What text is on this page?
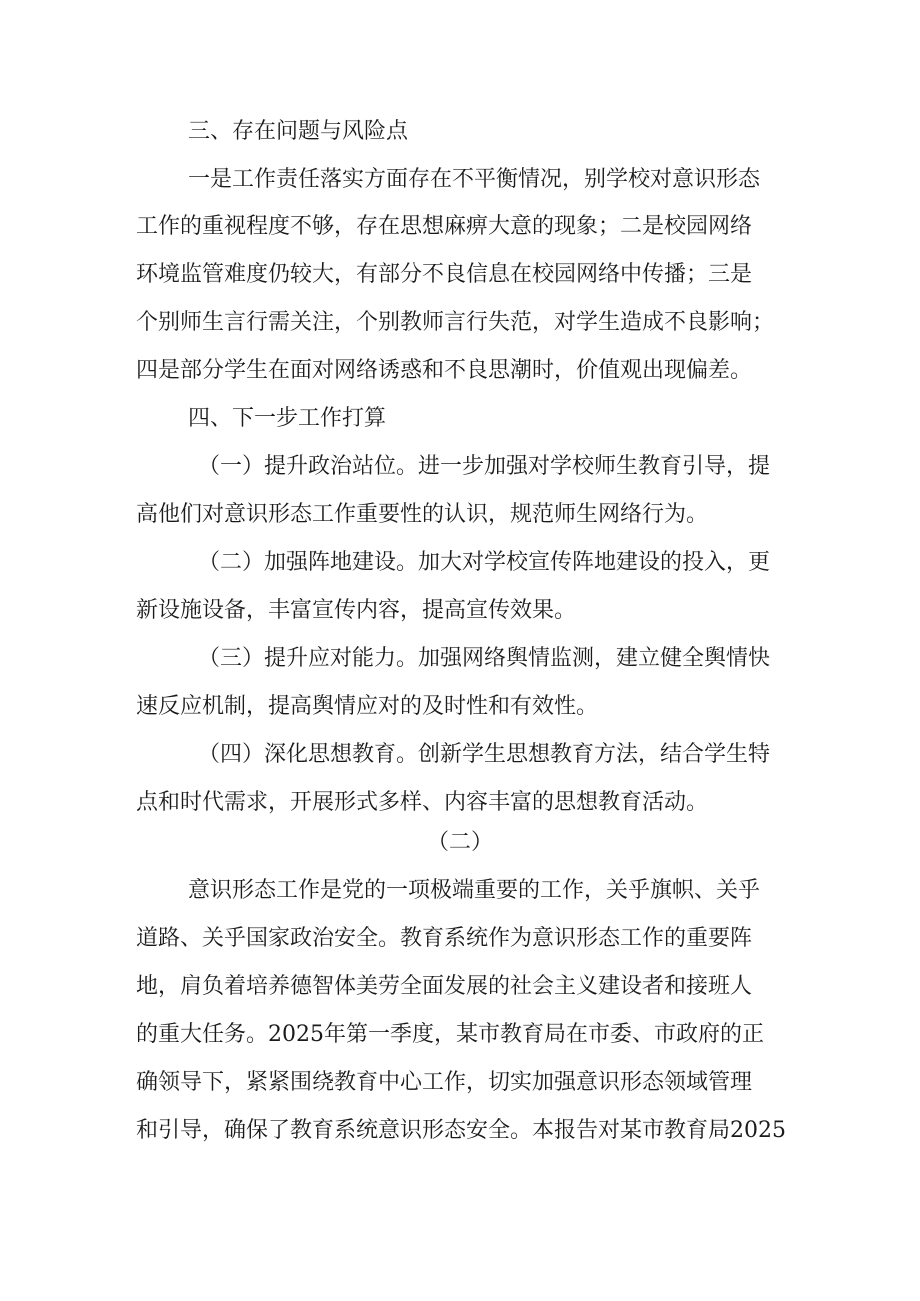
三、存在问题与风险点
一是工作责任落实方面存在不平衡情况，别学校对意识形态
工作的重视程度不够，存在思想麻痹大意的现象；二是校园网络
环境监管难度仍较大，有部分不良信息在校园网络中传播；三是
个别师生言行需关注，个别教师言行失范，对学生造成不良影响；
四是部分学生在面对网络诱惑和不良思潮时，价值观出现偏差。
四、下一步工作打算
（一）提升政治站位。进一步加强对学校师生教育引导，提
高他们对意识形态工作重要性的认识，规范师生网络行为。
（二）加强阵地建设。加大对学校宣传阵地建设的投入，更
新设施设备，丰富宣传内容，提高宣传效果。
（三）提升应对能力。加强网络舆情监测，建立健全舆情快
速反应机制，提高舆情应对的及时性和有效性。
（四）深化思想教育。创新学生思想教育方法，结合学生特
点和时代需求，开展形式多样、内容丰富的思想教育活动。
（二）
意识形态工作是党的一项极端重要的工作，关乎旗帜、关乎
道路、关乎国家政治安全。教育系统作为意识形态工作的重要阵
地，肩负着培养德智体美劳全面发展的社会主义建设者和接班人
的重大任务。2025年第一季度，某市教育局在市委、市政府的正
确领导下，紧紧围绕教育中心工作，切实加强意识形态领域管理
和引导，确保了教育系统意识形态安全。本报告对某市教育局2025
